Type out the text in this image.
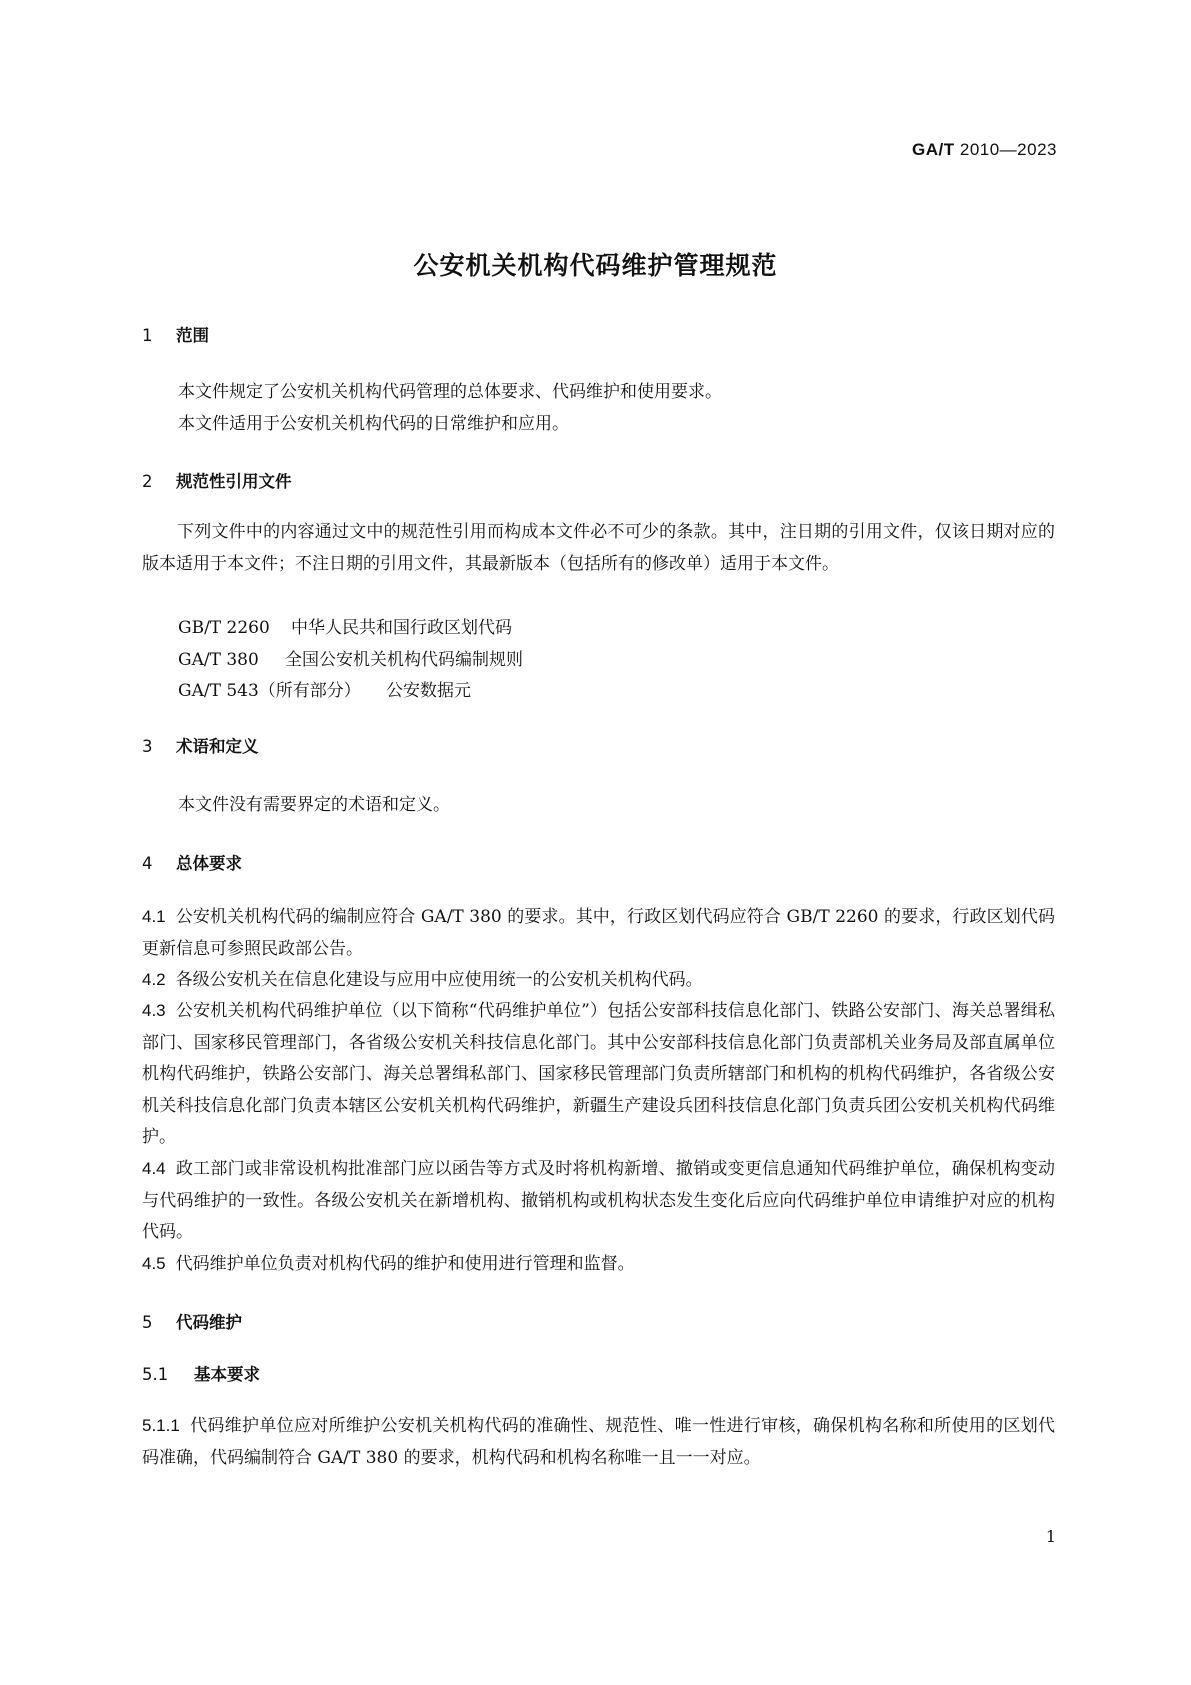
GA/T 2010—2023
公安机关机构代码维护管理规范
1 范围
本文件规定了公安机关机构代码管理的总体要求、代码维护和使用要求。
本文件适用于公安机关机构代码的日常维护和应用。
2 规范性引用文件
下列文件中的内容通过文中的规范性引用而构成本文件必不可少的条款。其中，注日期的引用文件，仅该日期对应的版本适用于本文件；不注日期的引用文件，其最新版本（包括所有的修改单）适用于本文件。
GB/T 2260 中华人民共和国行政区划代码
GA/T 380 全国公安机关机构代码编制规则
GA/T 543（所有部分） 公安数据元
3 术语和定义
本文件没有需要界定的术语和定义。
4 总体要求
4.1 公安机关机构代码的编制应符合 GA/T 380 的要求。其中，行政区划代码应符合 GB/T 2260 的要求，行政区划代码更新信息可参照民政部公告。
4.2 各级公安机关在信息化建设与应用中应使用统一的公安机关机构代码。
4.3 公安机关机构代码维护单位（以下简称“代码维护单位”）包括公安部科技信息化部门、铁路公安部门、海关总署缉私部门、国家移民管理部门，各省级公安机关科技信息化部门。其中公安部科技信息化部门负责部机关业务局及部直属单位机构代码维护，铁路公安部门、海关总署缉私部门、国家移民管理部门负责所辖部门和机构的机构代码维护，各省级公安机关科技信息化部门负责本辖区公安机关机构代码维护，新疆生产建设兵团科技信息化部门负责兵团公安机关机构代码维护。
4.4 政工部门或非常设机构批准部门应以函告等方式及时将机构新增、撤销或变更信息通知代码维护单位，确保机构变动与代码维护的一致性。各级公安机关在新增机构、撤销机构或机构状态发生变化后应向代码维护单位申请维护对应的机构代码。
4.5 代码维护单位负责对机构代码的维护和使用进行管理和监督。
5 代码维护
5.1 基本要求
5.1.1 代码维护单位应对所维护公安机关机构代码的准确性、规范性、唯一性进行审核，确保机构名称和所使用的区划代码准确，代码编制符合 GA/T 380 的要求，机构代码和机构名称唯一且一一对应。
1
